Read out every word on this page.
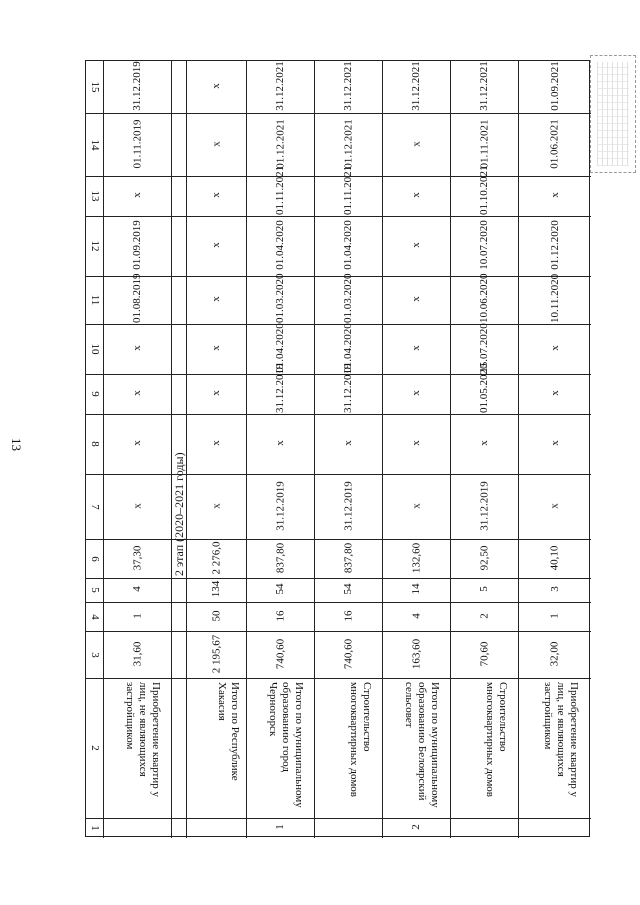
13
1
2
3
4
5
6
7
8
9
10
11
12
13
14
15
2 этап (2020–2021 годы)
Приобретение квартир у лиц, не являющихся застройщиком
31,60
1
4
37,30
x
x
x
x
01.08.2019
01.09.2019
x
01.11.2019
31.12.2019
Итого по Республике Хакасия
2 195,67
50
134
2 276,0
x
x
x
x
x
x
x
x
x
1
Итого по муниципальному образованию город Черногорск
740,60
16
54
837,80
31.12.2019
x
31.12.2019
01.04.2020
01.03.2020
01.04.2020
01.11.2021
01.12.2021
31.12.2021
Строительство многоквартирных домов
740,60
16
54
837,80
31.12.2019
x
31.12.2019
01.04.2020
01.03.2020
01.04.2020
01.11.2021
01.12.2021
31.12.2021
2
Итого по муниципальному образованию Белоярский сельсовет
163,60
4
14
132,60
x
x
x
x
x
x
x
x
31.12.2021
Строительство многоквартирных домов
70,60
2
5
92,50
31.12.2019
x
01.05.2020
15.07.2020
10.06.2020
10.07.2020
01.10.2021
01.11.2021
31.12.2021
Приобретение квартир у лиц, не являющихся застройщиком
32,00
1
3
40,10
x
x
x
x
10.11.2020
01.12.2020
x
01.06.2021
01.09.2021
